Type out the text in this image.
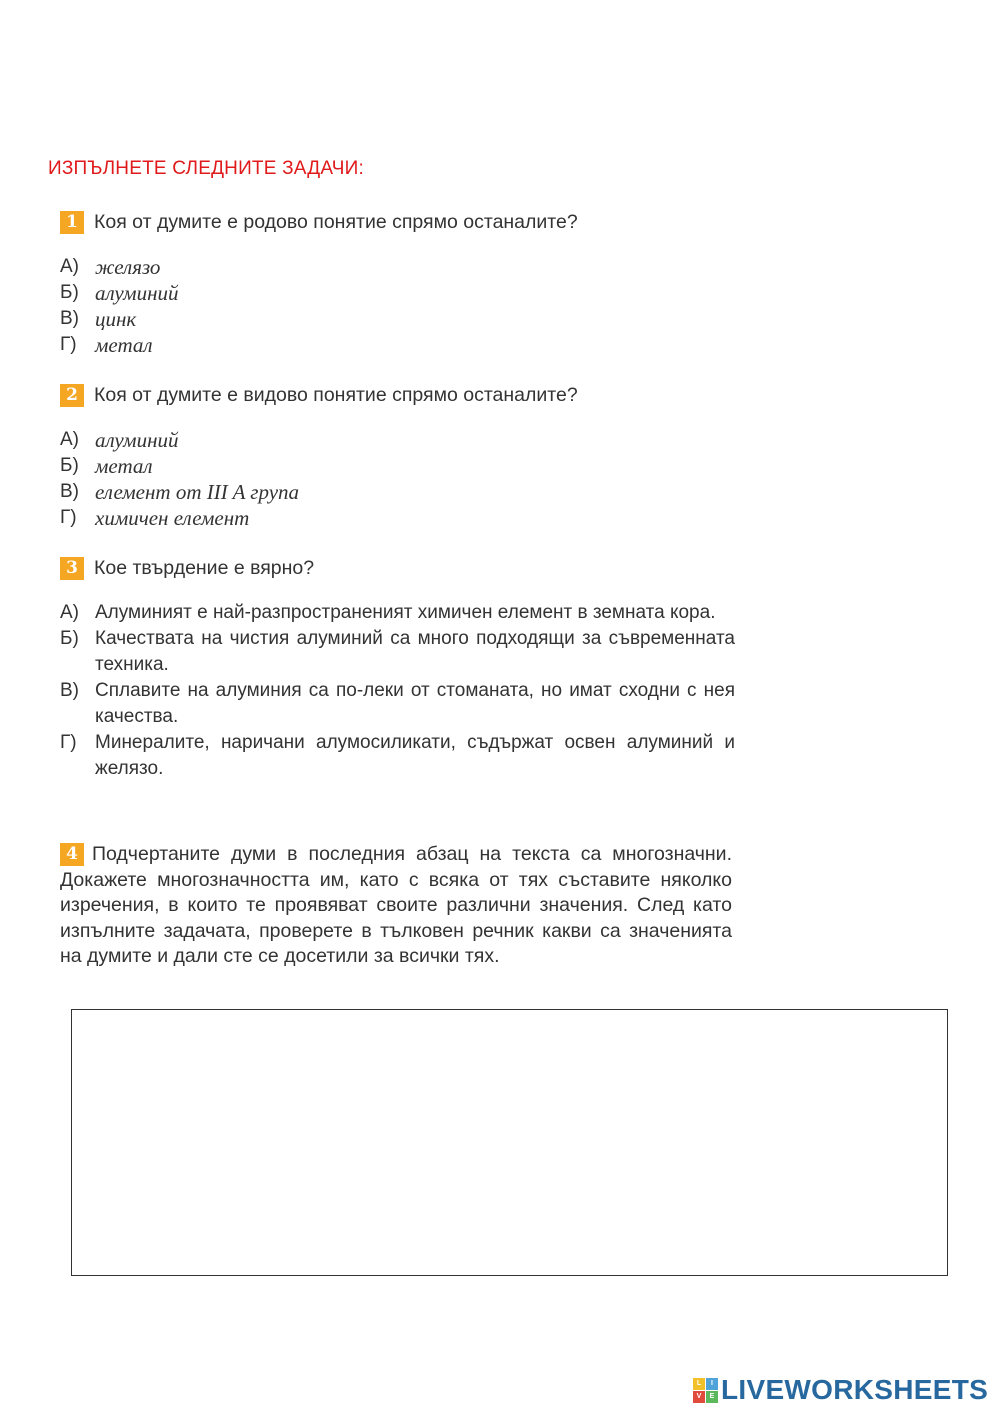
ИЗПЪЛНЕТЕ СЛЕДНИТЕ ЗАДАЧИ:
1 Коя от думите е родово понятие спрямо останалите?
А) желязо
Б) алуминий
В) цинк
Г) метал
2 Коя от думите е видово понятие спрямо останалите?
А) алуминий
Б) метал
В) елемент от III A група
Г) химичен елемент
3 Кое твърдение е вярно?
А) Алуминият е най-разпространеният химичен елемент в земната кора.
Б) Качествата на чистия алуминий са много подходящи за съвременната техника.
В) Сплавите на алуминия са по-леки от стоманата, но имат сходни с нея качества.
Г) Минералите, наричани алумосиликати, съдържат освен алуминий и желязо.
4 Подчертаните думи в последния абзац на текста са многозначни. Докажете многозначността им, като с всяка от тях съставите няколко изречения, в които те проявяват своите различни значения. След като изпълните задачата, проверете в тълковен речник какви са значенията на думите и дали сте се досетили за всички тях.
L	I
V	E LIVEWORKSHEETS
